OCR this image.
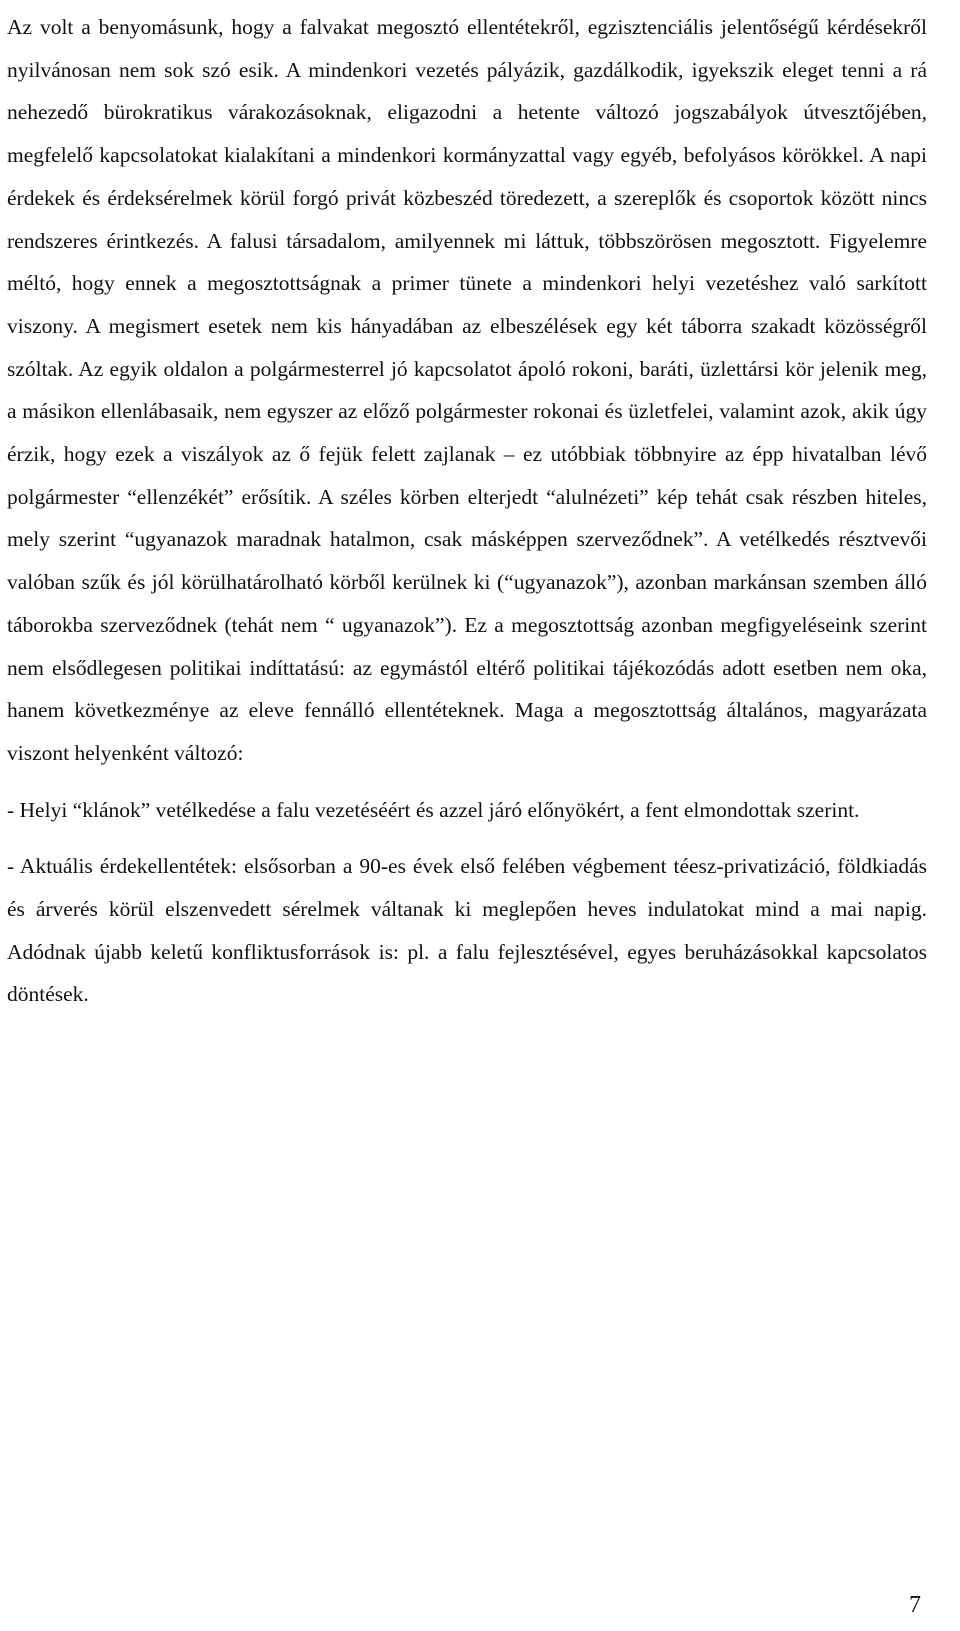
Az volt a benyomásunk, hogy a falvakat megosztó ellentétekről, egzisztenciális jelentőségű kérdésekről nyilvánosan nem sok szó esik. A mindenkori vezetés pályázik, gazdálkodik, igyekszik eleget tenni a rá nehezedő bürokratikus várakozásoknak, eligazodni a hetente változó jogszabályok útvesztőjében, megfelelő kapcsolatokat kialakítani a mindenkori kormányzattal vagy egyéb, befolyásos körökkel. A napi érdekek és érdeksérelmek körül forgó privát közbeszéd töredezett, a szereplők és csoportok között nincs rendszeres érintkezés. A falusi társadalom, amilyennek mi láttuk, többszörösen megosztott. Figyelemre méltó, hogy ennek a megosztottságnak a primer tünete a mindenkori helyi vezetéshez való sarkított viszony. A megismert esetek nem kis hányadában az elbeszélések egy két táborra szakadt közösségről szóltak. Az egyik oldalon a polgármesterrel jó kapcsolatot ápoló rokoni, baráti, üzlettársi kör jelenik meg, a másikon ellenlábasaik, nem egyszer az előző polgármester rokonai és üzletfelei, valamint azok, akik úgy érzik, hogy ezek a viszályok az ő fejük felett zajlanak – ez utóbbiak többnyire az épp hivatalban lévő polgármester “ellenzékét” erősítik. A széles körben elterjedt “alulnézeti” kép tehát csak részben hiteles, mely szerint “ugyanazok maradnak hatalmon, csak másképpen szerveződnek”. A vetélkedés résztvevői valóban szűk és jól körülhatárolható körből kerülnek ki (“ugyanazok”), azonban markánsan szemben álló táborokba szerveződnek (tehát nem “ ugyanazok”). Ez a megosztottság azonban megfigyeléseink szerint nem elsődlegesen politikai indíttatású: az egymástól eltérő politikai tájékozódás adott esetben nem oka, hanem következménye az eleve fennálló ellentéteknek. Maga a megosztottság általános, magyarázata viszont helyenként változó:

- Helyi “klánok” vetélkedése a falu vezetéséért és azzel járó előnyökért, a fent elmondottak szerint.

- Aktuális érdekellentétek: elsősorban a 90-es évek első felében végbement téesz-privatizáció, földkiadás és árverés körül elszenvedett sérelmek váltanak ki meglepően heves indulatokat mind a mai napig. Adódnak újabb keletű konfliktusforrások is: pl. a falu fejlesztésével, egyes beruházásokkal kapcsolatos döntések.

7
